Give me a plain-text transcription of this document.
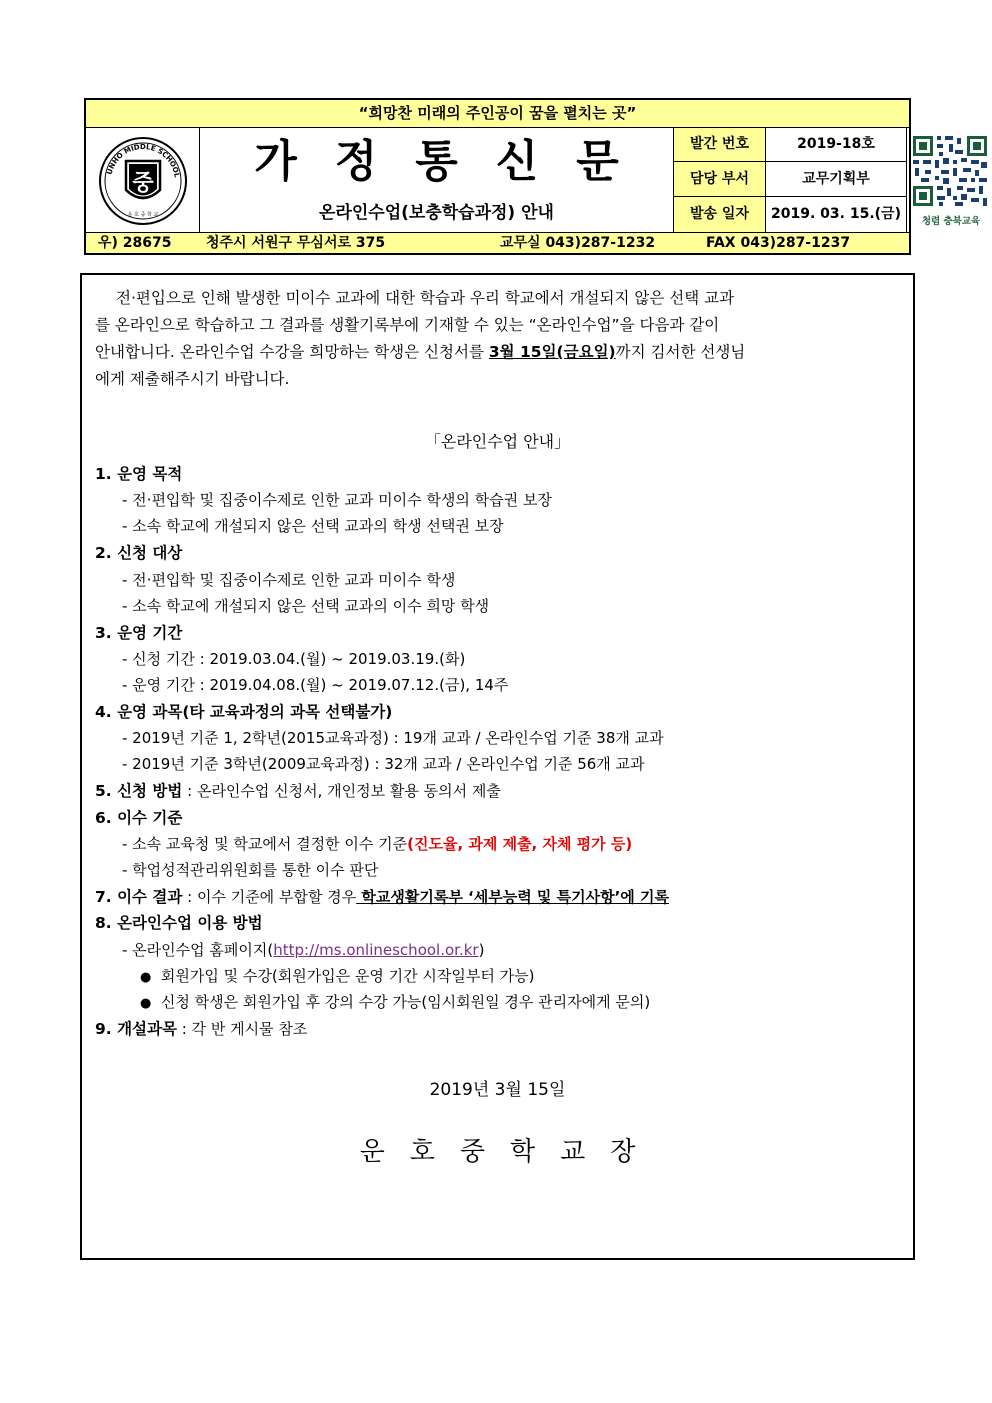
“희망찬 미래의 주인공이 꿈을 펼치는 곳”
UNHO MIDDLE SCHOOL
중
운 호 중 학 교
가정통신문
온라인수업(보충학습과정) 안내
발간 번호	2019-18호
담당 부서	교무기획부
발송 일자	2019. 03. 15.(금)	청렴 충북교육
우) 28675 청주시 서원구 무심서로 375	교무실 043)287-1232	FAX 043)287-1237
전·편입으로 인해 발생한 미이수 교과에 대한 학습과 우리 학교에서 개설되지 않은 선택 교과
를 온라인으로 학습하고 그 결과를 생활기록부에 기재할 수 있는 “온라인수업”을 다음과 같이
안내합니다. 온라인수업 수강을 희망하는 학생은 신청서를 3월 15일(금요일)까지 김서한 선생님
에게 제출해주시기 바랍니다.
「온라인수업 안내」
1. 운영 목적
- 전·편입학 및 집중이수제로 인한 교과 미이수 학생의 학습권 보장
- 소속 학교에 개설되지 않은 선택 교과의 학생 선택권 보장
2. 신청 대상
- 전·편입학 및 집중이수제로 인한 교과 미이수 학생
- 소속 학교에 개설되지 않은 선택 교과의 이수 희망 학생
3. 운영 기간
- 신청 기간 : 2019.03.04.(월) ~ 2019.03.19.(화)
- 운영 기간 : 2019.04.08.(월) ~ 2019.07.12.(금), 14주
4. 운영 과목(타 교육과정의 과목 선택불가)
- 2019년 기준 1, 2학년(2015교육과정) : 19개 교과 / 온라인수업 기준 38개 교과
- 2019년 기준 3학년(2009교육과정) : 32개 교과 / 온라인수업 기준 56개 교과
5. 신청 방법 : 온라인수업 신청서, 개인정보 활용 동의서 제출
6. 이수 기준
- 소속 교육청 및 학교에서 결정한 이수 기준(진도율, 과제 제출, 자체 평가 등)
- 학업성적관리위원회를 통한 이수 판단
7. 이수 결과 : 이수 기준에 부합할 경우 학교생활기록부 ‘세부능력 및 특기사항’에 기록
8. 온라인수업 이용 방법
- 온라인수업 홈페이지(http://ms.onlineschool.or.kr)
● 회원가입 및 수강(회원가입은 운영 기간 시작일부터 가능)
● 신청 학생은 회원가입 후 강의 수강 가능(임시회원일 경우 관리자에게 문의)
9. 개설과목 : 각 반 게시물 참조
2019년 3월 15일
운호중학교장
